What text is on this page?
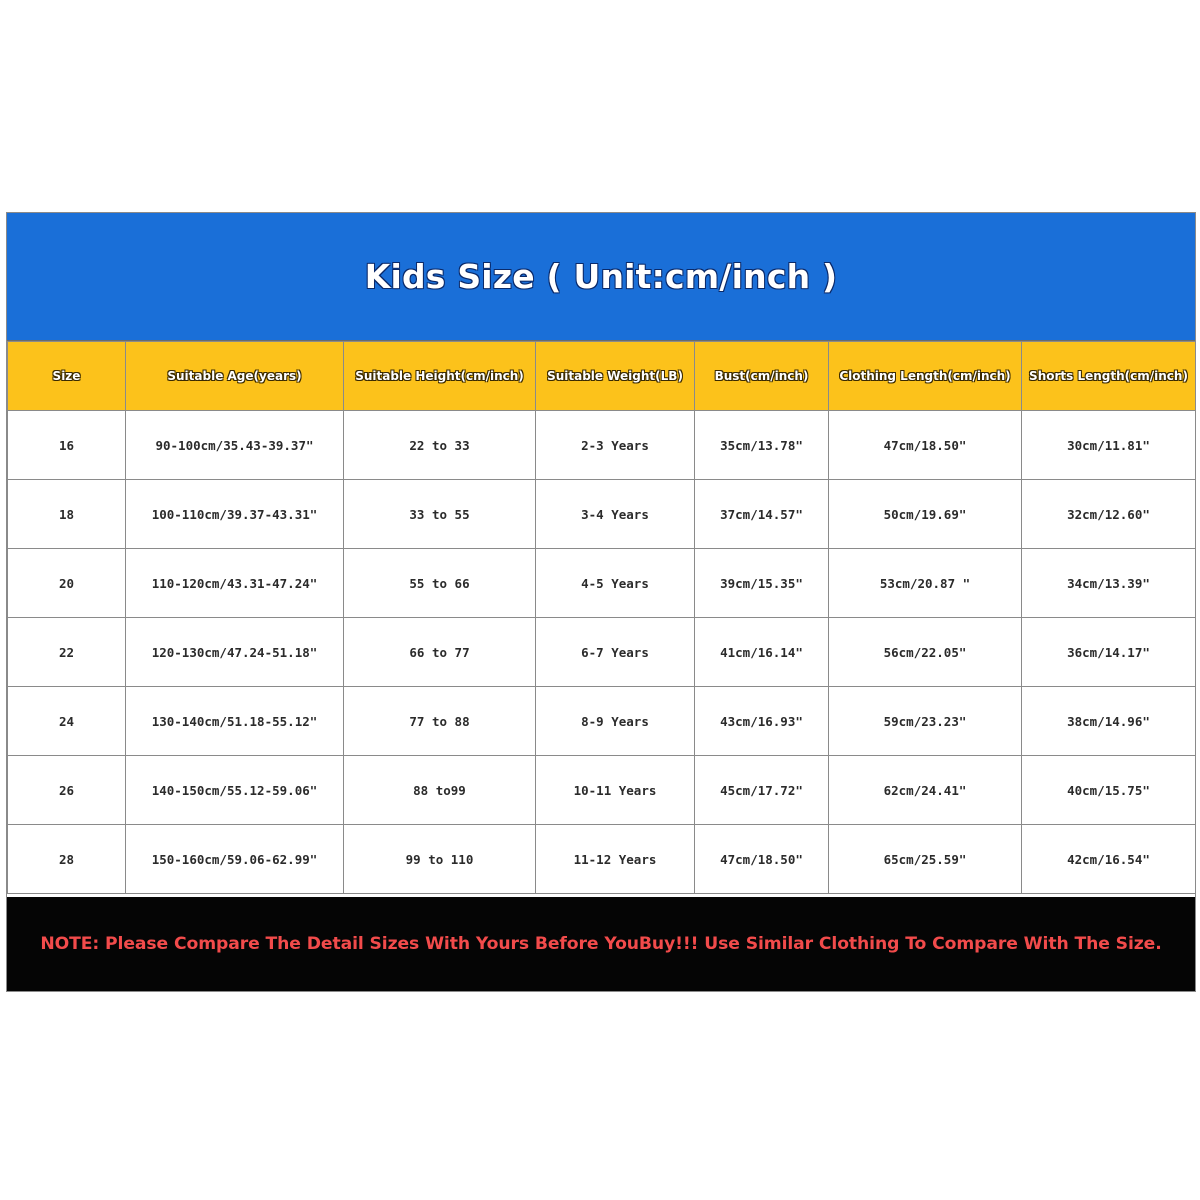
Kids Size ( Unit:cm/inch )
Size	Suitable Age(years)	Suitable Height(cm/inch)	Suitable Weight(LB)	Bust(cm/inch)	Clothing Length(cm/inch)	Shorts Length(cm/inch)
16	90-100cm/35.43-39.37"	22 to 33	2-3 Years	35cm/13.78"	47cm/18.50"	30cm/11.81"
18	100-110cm/39.37-43.31"	33 to 55	3-4 Years	37cm/14.57"	50cm/19.69"	32cm/12.60"
20	110-120cm/43.31-47.24"	55 to 66	4-5 Years	39cm/15.35"	53cm/20.87 "	34cm/13.39"
22	120-130cm/47.24-51.18"	66 to 77	6-7 Years	41cm/16.14"	56cm/22.05"	36cm/14.17"
24	130-140cm/51.18-55.12"	77 to 88	8-9 Years	43cm/16.93"	59cm/23.23"	38cm/14.96"
26	140-150cm/55.12-59.06"	88 to99	10-11 Years	45cm/17.72"	62cm/24.41"	40cm/15.75"
28	150-160cm/59.06-62.99"	99 to 110	11-12 Years	47cm/18.50"	65cm/25.59"	42cm/16.54"
NOTE: Please Compare The Detail Sizes With Yours Before YouBuy!!! Use Similar Clothing To Compare With The Size.
